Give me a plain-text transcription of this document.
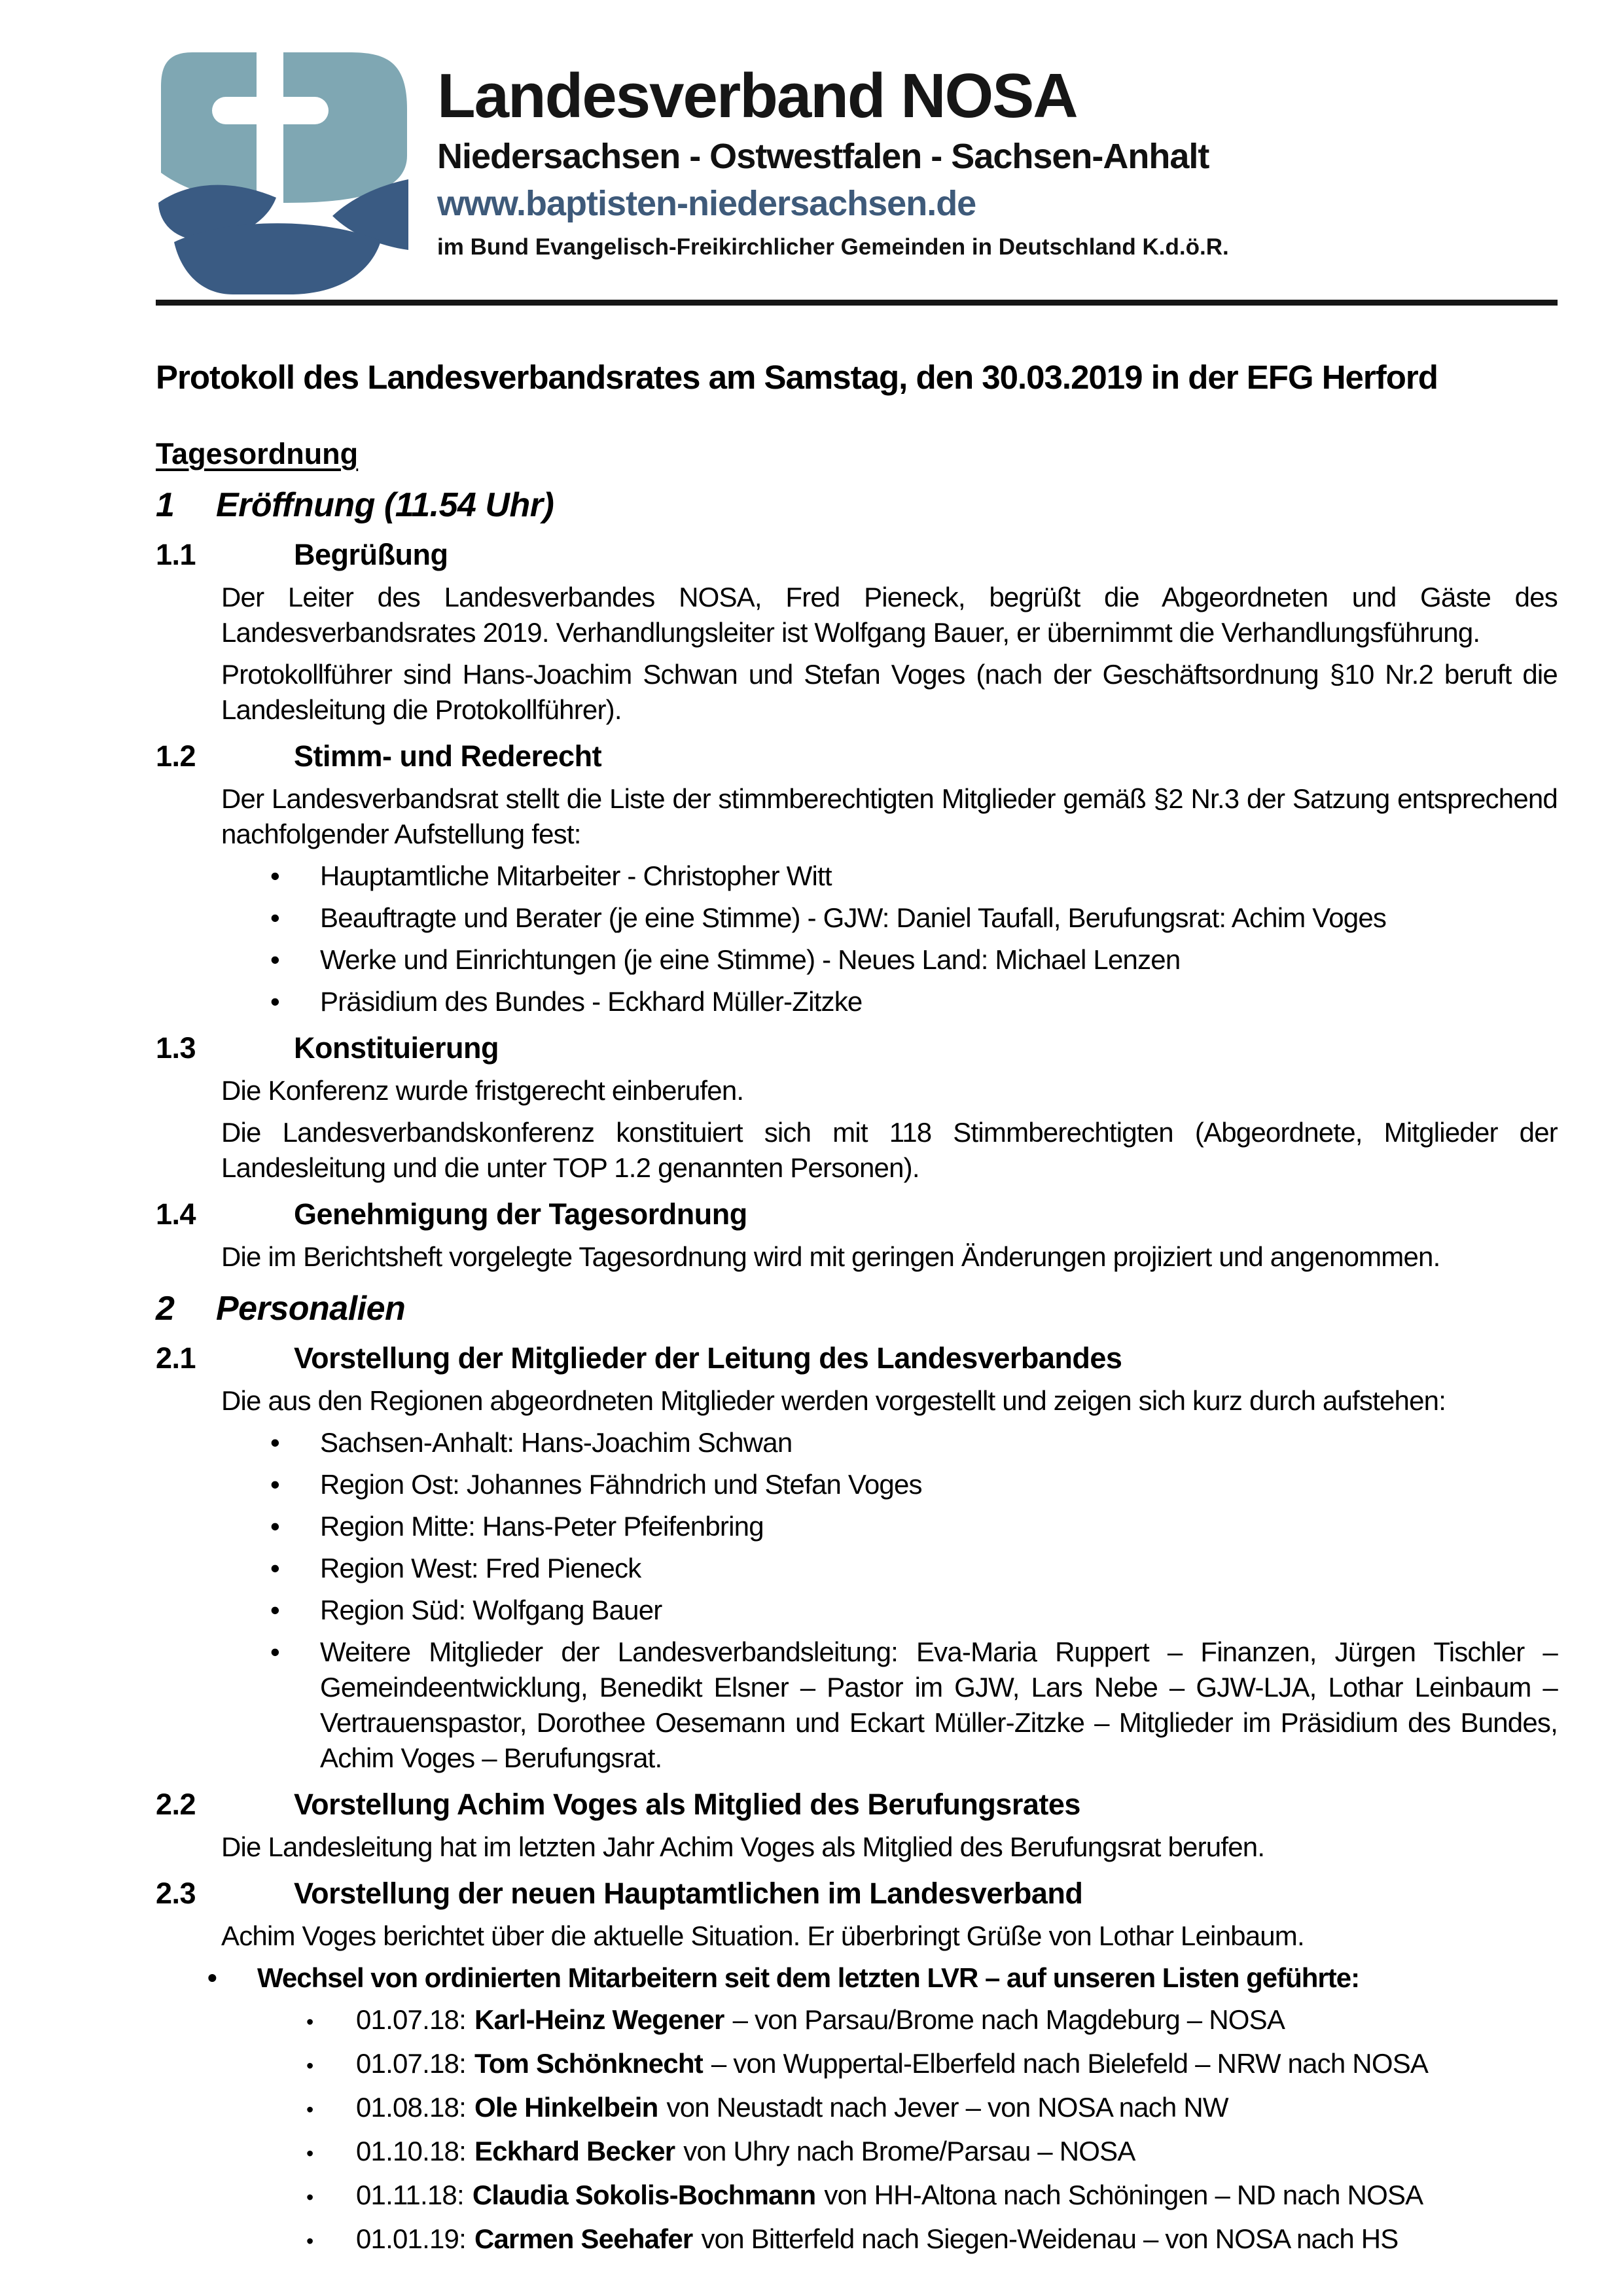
Landesverband NOSA
Niedersachsen - Ostwestfalen - Sachsen-Anhalt
www.baptisten-niedersachsen.de
im Bund Evangelisch-Freikirchlicher Gemeinden in Deutschland K.d.ö.R.
Protokoll des Landesverbandsrates am Samstag, den 30.03.2019 in der EFG Herford
Tagesordnung
1	Eröffnung (11.54 Uhr)
1.1	Begrüßung

Der Leiter des Landesverbandes NOSA, Fred Pieneck, begrüßt die Abgeordneten und Gäste des Landesverbandsrates 2019. Verhandlungsleiter ist Wolfgang Bauer, er übernimmt die Verhandlungsführung.

Protokollführer sind Hans-Joachim Schwan und Stefan Voges (nach der Geschäftsordnung §10 Nr.2 beruft die Landesleitung die Protokollführer).

1.2	Stimm- und Rederecht

Der Landesverbandsrat stellt die Liste der stimmberechtigten Mitglieder gemäß §2 Nr.3 der Satzung entsprechend nachfolgender Aufstellung fest:

•
Hauptamtliche Mitarbeiter - Christopher Witt
•
Beauftragte und Berater (je eine Stimme) - GJW: Daniel Taufall, Berufungsrat: Achim Voges
•
Werke und Einrichtungen (je eine Stimme) - Neues Land: Michael Lenzen
•
Präsidium des Bundes - Eckhard Müller-Zitzke
1.3	Konstituierung

Die Konferenz wurde fristgerecht einberufen.

Die Landesverbandskonferenz konstituiert sich mit 118 Stimmberechtigten (Abgeordnete, Mitglieder der Landesleitung und die unter TOP 1.2 genannten Personen).

1.4	Genehmigung der Tagesordnung

Die im Berichtsheft vorgelegte Tagesordnung wird mit geringen Änderungen projiziert und angenommen.

2	Personalien
2.1	Vorstellung der Mitglieder der Leitung des Landesverbandes

Die aus den Regionen abgeordneten Mitglieder werden vorgestellt und zeigen sich kurz durch aufstehen:

•
Sachsen-Anhalt: Hans-Joachim Schwan
•
Region Ost: Johannes Fähndrich und Stefan Voges
•
Region Mitte: Hans-Peter Pfeifenbring
•
Region West: Fred Pieneck
•
Region Süd: Wolfgang Bauer
•
Weitere Mitglieder der Landesverbandsleitung: Eva-Maria Ruppert – Finanzen, Jürgen Tischler – Gemeindeentwicklung, Benedikt Elsner – Pastor im GJW, Lars Nebe – GJW-LJA, Lothar Leinbaum – Vertrauenspastor, Dorothee Oesemann und Eckart Müller-Zitzke – Mitglieder im Präsidium des Bundes, Achim Voges – Berufungsrat.
2.2	Vorstellung Achim Voges als Mitglied des Berufungsrates

Die Landesleitung hat im letzten Jahr Achim Voges als Mitglied des Berufungsrat berufen.

2.3	Vorstellung der neuen Hauptamtlichen im Landesverband

Achim Voges berichtet über die aktuelle Situation. Er überbringt Grüße von Lothar Leinbaum.

•
Wechsel von ordinierten Mitarbeitern seit dem letzten LVR – auf unseren Listen geführte:
•
01.07.18: Karl-Heinz Wegener – von Parsau/Brome nach Magdeburg – NOSA
•
01.07.18: Tom Schönknecht – von Wuppertal-Elberfeld nach Bielefeld – NRW nach NOSA
•
01.08.18: Ole Hinkelbein von Neustadt nach Jever – von NOSA nach NW
•
01.10.18: Eckhard Becker von Uhry nach Brome/Parsau – NOSA
•
01.11.18: Claudia Sokolis-Bochmann von HH-Altona nach Schöningen – ND nach NOSA
•
01.01.19: Carmen Seehafer von Bitterfeld nach Siegen-Weidenau – von NOSA nach HS
